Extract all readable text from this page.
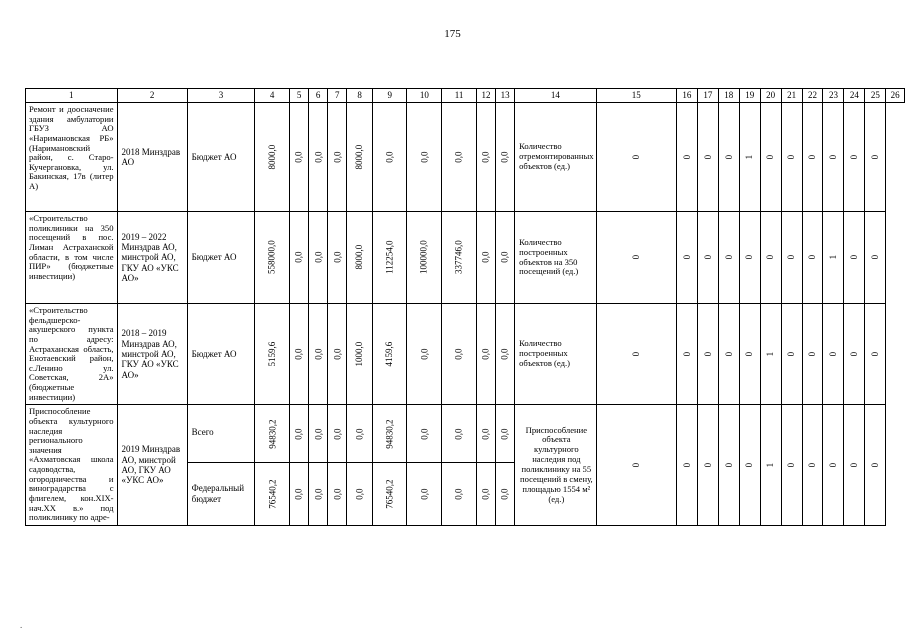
175
1	2	3	4	5	6	7	8	9	10	11	12	13	14	15	16	17	18	19	20	21	22	23	24	25	26
Ремонт и доосначение здания амбулатории ГБУЗ АО «Наримановская РБ» (Наримановский район, с. Старо-Кучергановка, ул. Бакинская, 17в (литер А)	2018 Минздрав АО	Бюджет АО	8000,0	0,0	0,0	0,0	8000,0	0,0	0,0	0,0	0,0	0,0	Количество отремонтированных объектов (ед.)	0	0	0	0	1	0	0	0	0	0	0	
«Строительство поликлиники на 350 посещений в пос. Лиман Астраханской области, в том числе ПИР» (бюджетные инвестиции)	2019 – 2022 Минздрав АО, минстрой АО, ГКУ АО «УКС АО»	Бюджет АО	558000,0	0,0	0,0	0,0	8000,0	112254,0	100000,0	337746,0	0,0	0,0	Количество построенных объектов на 350 посещений (ед.)	0	0	0	0	0	0	0	0	1	0	0	
«Строительство фельдшерско-акушерского пункта по адресу: Астраханская область, Енотаевский район, с.Ленино ул. Советская, 2А» (бюджетные инвестиции)	2018 – 2019 Минздрав АО, минстрой АО, ГКУ АО «УКС АО»	Бюджет АО	5159,6	0,0	0,0	0,0	1000,0	4159,6	0,0	0,0	0,0	0,0	Количество построенных объектов (ед.)	0	0	0	0	0	1	0	0	0	0	0	
Приспособление объекта культурного наследия регионального значения «Ахматовская школа садоводства, огородничества и виноградарства с флигелем, кон.XIX-нач.XX в.» под поликлинику по адре-	2019 Минздрав АО, минстрой АО, ГКУ АО «УКС АО»	Всего	94830,2	0,0	0,0	0,0	0,0	94830,2	0,0	0,0	0,0	0,0	Приспособление объекта культурного наследия под поликлинику на 55 посещений в смену, площадью 1554 м² (ед.)	0	0	0	0	0	1	0	0	0	0	0	
		Федеральный бюджет	76540,2	0,0	0,0	0,0	0,0	76540,2	0,0	0,0	0,0	0,0													
.
